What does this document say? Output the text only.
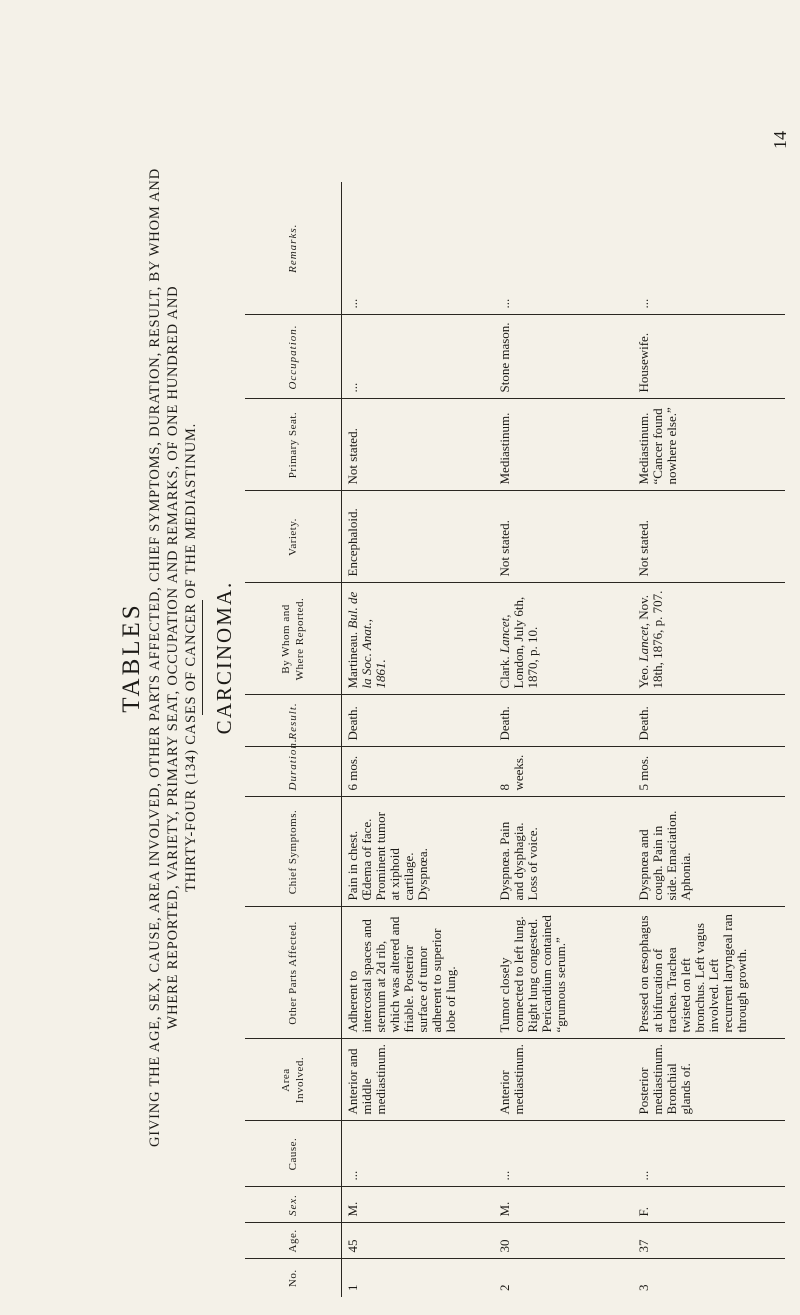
TABLES GIVING THE AGE, SEX, CAUSE, AREA INVOLVED, OTHER PARTS AFFECTED, CHIEF SYMPTOMS, DURATION, RESULT, BY WHOM AND WHERE REPORTED, VARIETY, PRIMARY SEAT, OCCUPATION AND REMARKS, OF ONE HUNDRED AND THIRTY-FOUR (134) CASES OF CANCER OF THE MEDIASTINUM. CARCINOMA.
No.	Age.	Sex.	Cause.	Area Involved.	Other Parts Affected.	Chief Symptoms.	Duration.	Result.	By Whom and Where Reported.	Variety.	Primary Seat.	Occupation.	Remarks.
1	45	M.	...	Anterior and middle mediastinum.	Adherent to intercostal spaces and sternum at 2d rib, which was altered and friable. Posterior surface of tumor adherent to superior lobe of lung.	Pain in chest. Œdema of face. Prominent tumor at xiphoid cartilage. Dyspnœa.	6 mos.	Death.	Martineau. Bul. de la Soc. Anat., 1861.	Encephaloid.	Not stated.	...	...
2	30	M.	...	Anterior mediastinum.	Tumor closely connected to left lung. Right lung congested. Pericardium contained “grumous serum.”	Dyspnœa. Pain and dysphagia. Loss of voice.	8 weeks.	Death.	Clark. Lancet, London, July 6th, 1870, p. 10.	Not stated.	Mediastinum.	Stone mason.	...
3	37	F.	...	Posterior mediastinum. Bronchial glands of.	Pressed on œsophagus at bifurcation of trachea. Trachea twisted on left bronchus. Left vagus involved. Left recurrent laryngeal ran through growth.	Dyspnœa and cough. Pain in side. Emaciation. Aphonia.	5 mos.	Death.	Yeo. Lancet, Nov. 18th, 1876, p. 707.	Not stated.	Mediastinum. “Cancer found nowhere else.”	Housewife.	...
14
